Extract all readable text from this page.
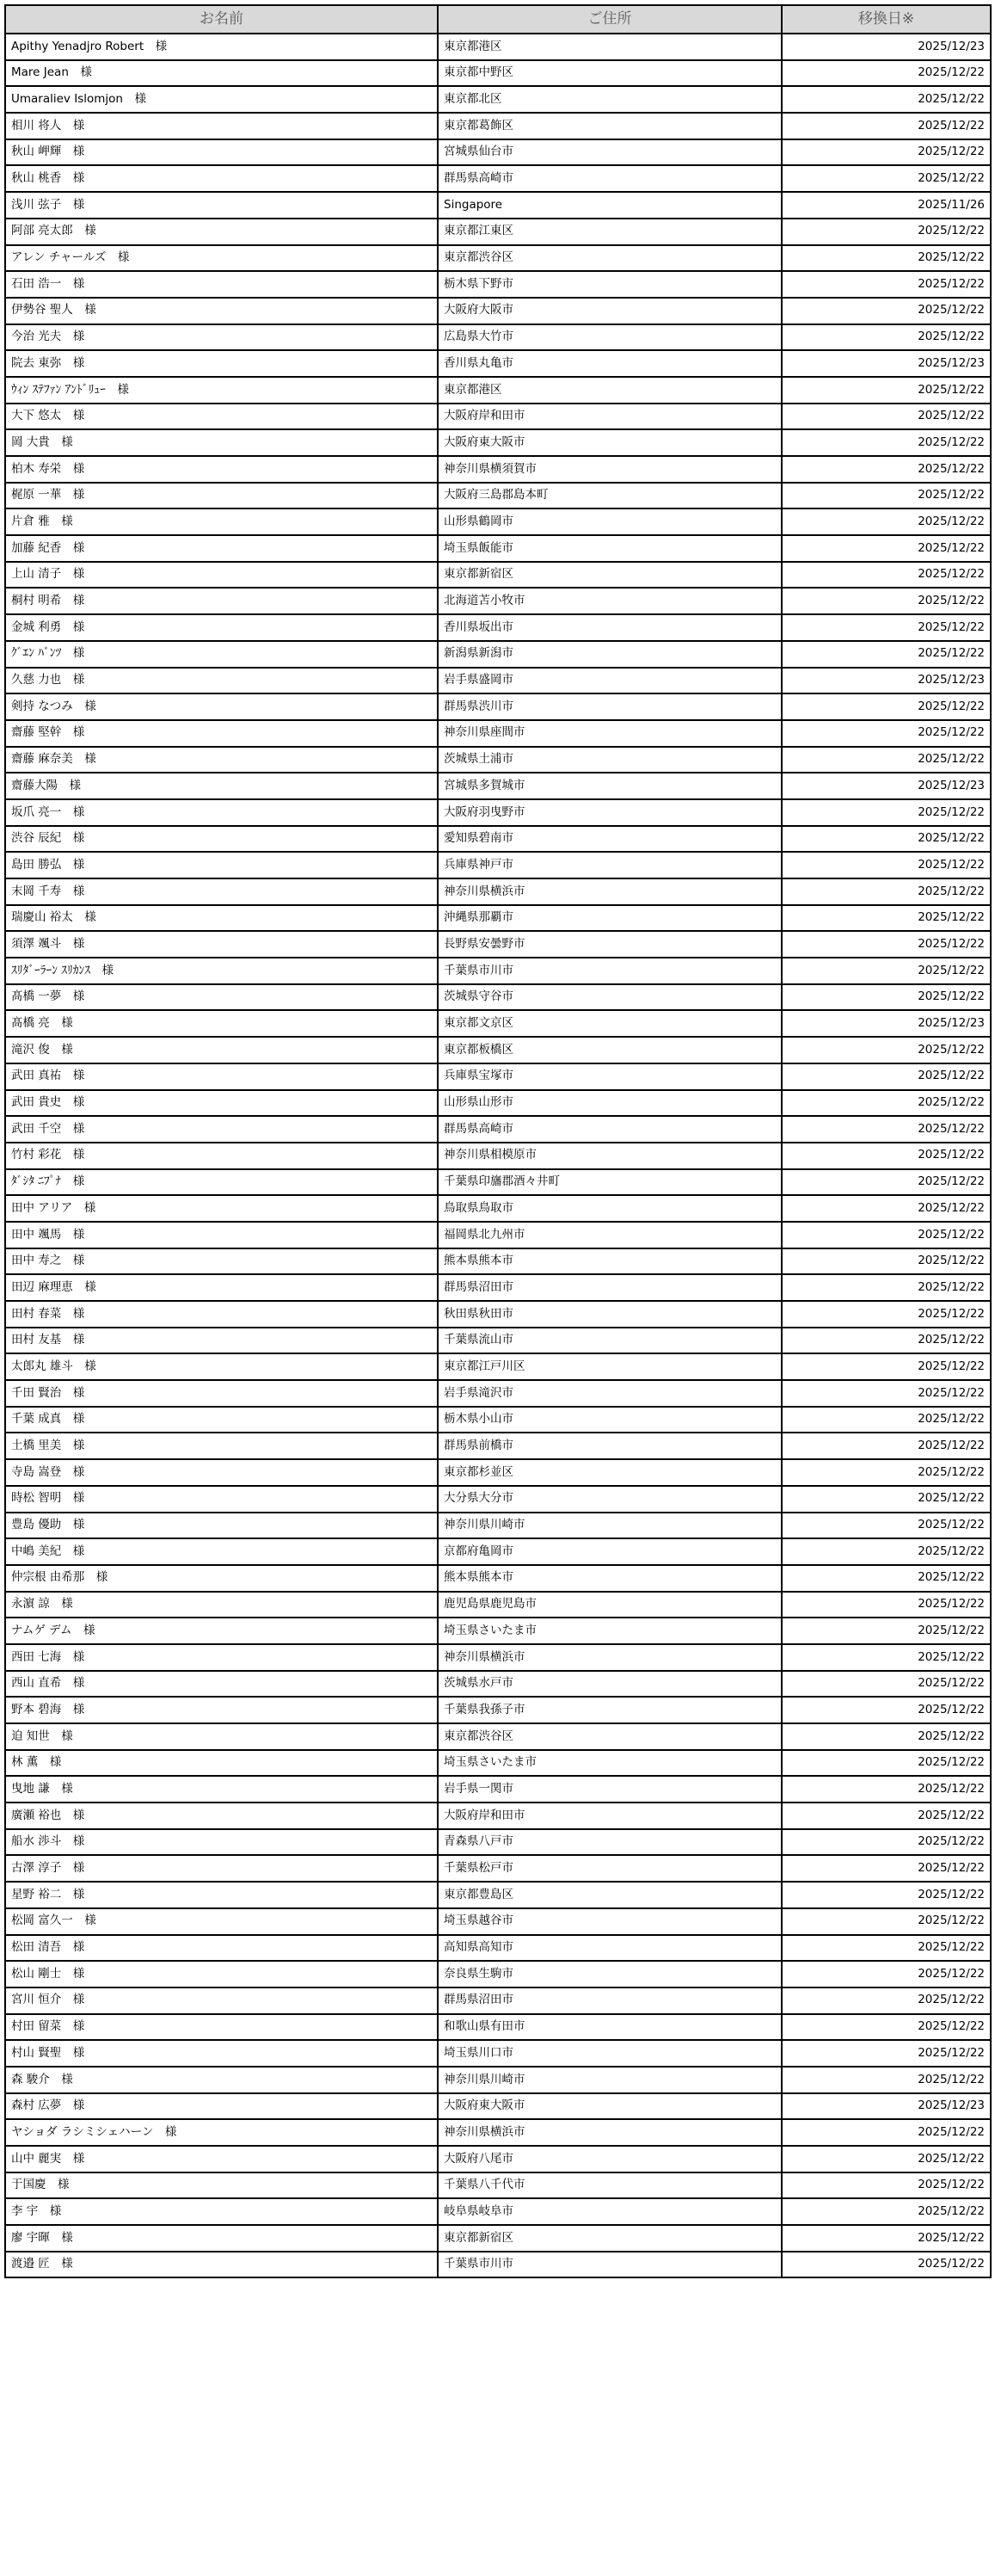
お名前	ご住所	移換日※
Apithy Yenadjro Robert　様	東京都港区	2025/12/23
Mare Jean　様	東京都中野区	2025/12/22
Umaraliev Islomjon　様	東京都北区	2025/12/22
相川 将人　様	東京都葛飾区	2025/12/22
秋山 岬輝　様	宮城県仙台市	2025/12/22
秋山 桃香　様	群馬県高崎市	2025/12/22
浅川 弦子　様	Singapore	2025/11/26
阿部 亮太郎　様	東京都江東区	2025/12/22
アレン チャールズ　様	東京都渋谷区	2025/12/22
石田 浩一　様	栃木県下野市	2025/12/22
伊勢谷 聖人　様	大阪府大阪市	2025/12/22
今治 光夫　様	広島県大竹市	2025/12/22
院去 東弥　様	香川県丸亀市	2025/12/23
ｳｨﾝ ｽﾃﾌｧﾝ ｱﾝﾄﾞﾘｭｰ　様	東京都港区	2025/12/22
大下 悠太　様	大阪府岸和田市	2025/12/22
岡 大貴　様	大阪府東大阪市	2025/12/22
柏木 寿栄　様	神奈川県横須賀市	2025/12/22
梶原 一華　様	大阪府三島郡島本町	2025/12/22
片倉 雅　様	山形県鶴岡市	2025/12/22
加藤 紀香　様	埼玉県飯能市	2025/12/22
上山 清子　様	東京都新宿区	2025/12/22
桐村 明希　様	北海道苫小牧市	2025/12/22
金城 利勇　様	香川県坂出市	2025/12/22
ｸﾞｴﾝ ﾊﾞﾝﾂ　様	新潟県新潟市	2025/12/22
久慈 力也　様	岩手県盛岡市	2025/12/23
剣持 なつみ　様	群馬県渋川市	2025/12/22
齋藤 堅幹　様	神奈川県座間市	2025/12/22
齋藤 麻奈美　様	茨城県土浦市	2025/12/22
齋藤大陽　様	宮城県多賀城市	2025/12/23
坂爪 亮一　様	大阪府羽曳野市	2025/12/22
渋谷 辰紀　様	愛知県碧南市	2025/12/22
島田 勝弘　様	兵庫県神戸市	2025/12/22
末岡 千寿　様	神奈川県横浜市	2025/12/22
瑞慶山 裕太　様	沖縄県那覇市	2025/12/22
須澤 颯斗　様	長野県安曇野市	2025/12/22
ｽﾘﾀﾞｰﾗｰﾝ ｽﾘｶﾝｽ　様	千葉県市川市	2025/12/22
髙橋 一夢　様	茨城県守谷市	2025/12/22
髙橋 亮　様	東京都文京区	2025/12/23
滝沢 俊　様	東京都板橋区	2025/12/22
武田 真祐　様	兵庫県宝塚市	2025/12/22
武田 貴史　様	山形県山形市	2025/12/22
武田 千空　様	群馬県高崎市	2025/12/22
竹村 彩花　様	神奈川県相模原市	2025/12/22
ﾀﾞｼﾀ ﾆﾌﾟﾅ　様	千葉県印旛郡酒々井町	2025/12/22
田中 アリア　様	鳥取県鳥取市	2025/12/22
田中 颯馬　様	福岡県北九州市	2025/12/22
田中 寿之　様	熊本県熊本市	2025/12/22
田辺 麻理恵　様	群馬県沼田市	2025/12/22
田村 春菜　様	秋田県秋田市	2025/12/22
田村 友基　様	千葉県流山市	2025/12/22
太郎丸 雄斗　様	東京都江戸川区	2025/12/22
千田 賢治　様	岩手県滝沢市	2025/12/22
千葉 成真　様	栃木県小山市	2025/12/22
土橋 里美　様	群馬県前橋市	2025/12/22
寺島 嵩登　様	東京都杉並区	2025/12/22
時松 智明　様	大分県大分市	2025/12/22
豊島 優助　様	神奈川県川崎市	2025/12/22
中嶋 美紀　様	京都府亀岡市	2025/12/22
仲宗根 由希那　様	熊本県熊本市	2025/12/22
永濵 諒　様	鹿児島県鹿児島市	2025/12/22
ナムゲ デム　様	埼玉県さいたま市	2025/12/22
西田 七海　様	神奈川県横浜市	2025/12/22
西山 直希　様	茨城県水戸市	2025/12/22
野本 碧海　様	千葉県我孫子市	2025/12/22
迫 知世　様	東京都渋谷区	2025/12/22
林 薫　様	埼玉県さいたま市	2025/12/22
曳地 謙　様	岩手県一関市	2025/12/22
廣瀬 裕也　様	大阪府岸和田市	2025/12/22
船水 渉斗　様	青森県八戸市	2025/12/22
古澤 淳子　様	千葉県松戸市	2025/12/22
星野 裕二　様	東京都豊島区	2025/12/22
松岡 富久一　様	埼玉県越谷市	2025/12/22
松田 清吾　様	高知県高知市	2025/12/22
松山 剛士　様	奈良県生駒市	2025/12/22
宮川 恒介　様	群馬県沼田市	2025/12/22
村田 留菜　様	和歌山県有田市	2025/12/22
村山 賢聖　様	埼玉県川口市	2025/12/22
森 駿介　様	神奈川県川崎市	2025/12/22
森村 広夢　様	大阪府東大阪市	2025/12/23
ヤショダ ラシミシェハーン　様	神奈川県横浜市	2025/12/22
山中 麗実　様	大阪府八尾市	2025/12/22
于国慶　様	千葉県八千代市	2025/12/22
李 宇　様	岐阜県岐阜市	2025/12/22
廖 宇暉　様	東京都新宿区	2025/12/22
渡邉 匠　様	千葉県市川市	2025/12/22
